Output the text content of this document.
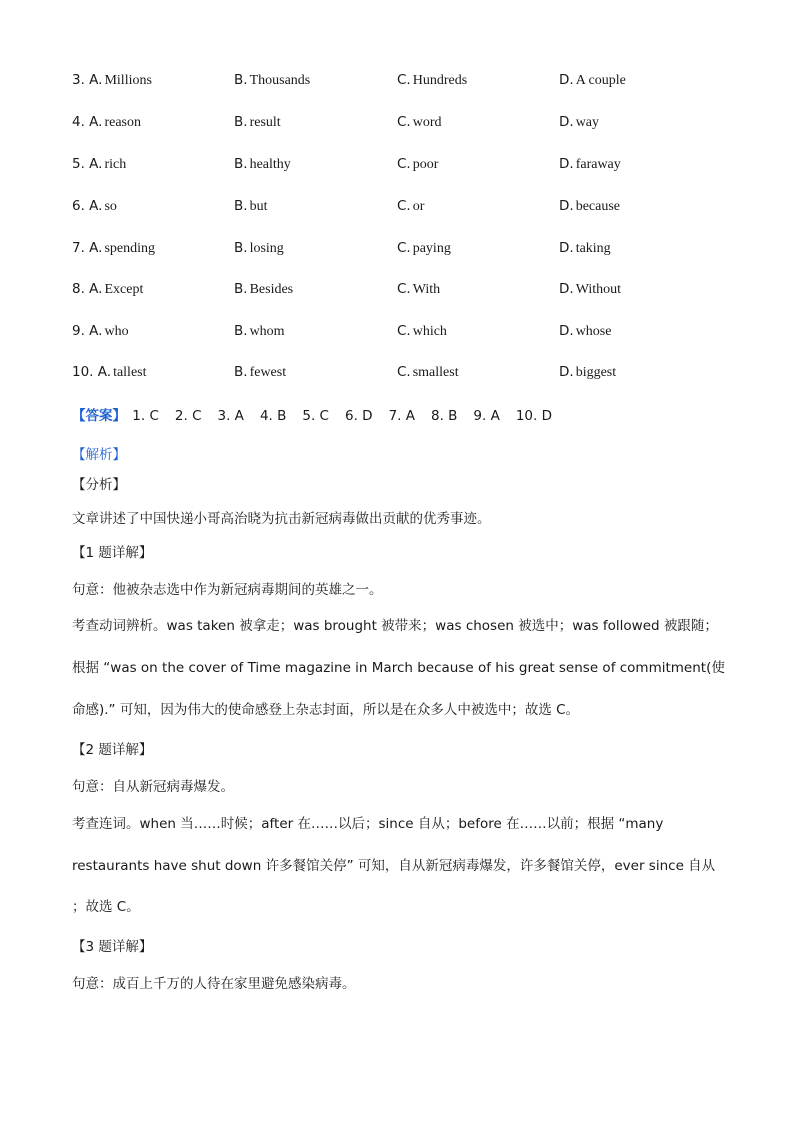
3. A. Millions	B. Thousands	C. Hundreds	D. A couple
4. A. reason	B. result	C. word	D. way
5. A. rich	B. healthy	C. poor	D. faraway
6. A. so	B. but	C. or	D. because
7. A. spending	B. losing	C. paying	D. taking
8. A. Except	B. Besides	C. With	D. Without
9. A. who	B. whom	C. which	D. whose
10. A. tallest	B. fewest	C. smallest	D. biggest
【答案】 1. C 2. C 3. A 4. B 5. C 6. D 7. A 8. B 9. A 10. D
【解析】
【分析】
文章讲述了中国快递小哥高治晓为抗击新冠病毒做出贡献的优秀事迹。
【1 题详解】
句意：他被杂志选中作为新冠病毒期间的英雄之一。
考查动词辨析。was taken 被拿走；was brought 被带来；was chosen 被选中；was followed 被跟随；
根据 “was on the cover of Time magazine in March because of his great sense of commitment(使
命感).” 可知，因为伟大的使命感登上杂志封面，所以是在众多人中被选中；故选 C。
【2 题详解】
句意：自从新冠病毒爆发。
考查连词。when 当……时候；after 在……以后；since 自从；before 在……以前；根据 “many
restaurants have shut down 许多餐馆关停” 可知，自从新冠病毒爆发，许多餐馆关停，ever since 自从
；故选 C。
【3 题详解】
句意：成百上千万的人待在家里避免感染病毒。
